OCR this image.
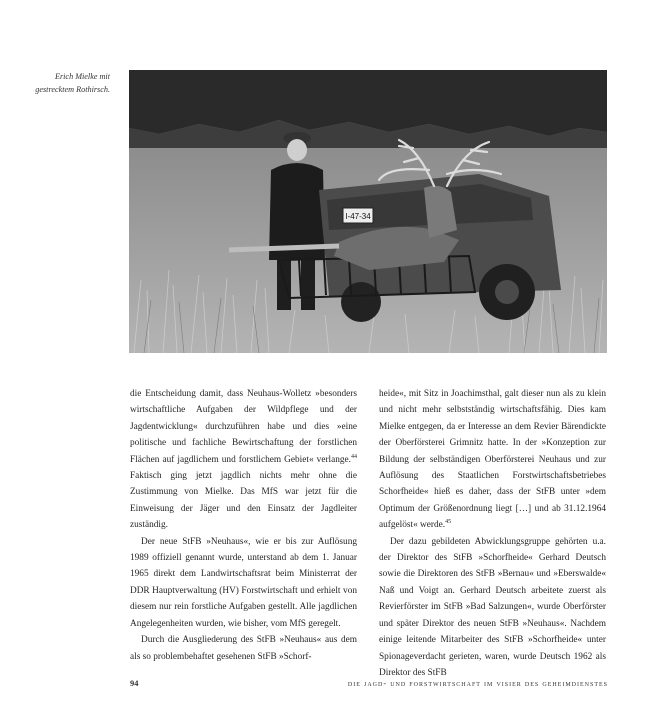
Erich Mielke mit
gestrecktem Rothirsch.
I-47-34

die Entscheidung damit, dass Neuhaus-Wolletz »besonders wirtschaftliche Aufgaben der Wildpflege und der Jagdentwicklung« durchzuführen habe und dies »eine politische und fachliche Bewirtschaftung der forstlichen Flächen auf jagdlichem und forstlichem Gebiet« verlange.$^{44}$ Faktisch ging jetzt jagdlich nichts mehr ohne die Zustimmung von Mielke. Das MfS war jetzt für die Einweisung der Jäger und den Einsatz der Jagdleiter zuständig.

Der neue StFB »Neuhaus«, wie er bis zur Auflösung 1989 offiziell genannt wurde, unterstand ab dem 1. Januar 1965 direkt dem Landwirtschaftsrat beim Ministerrat der DDR Hauptverwaltung (HV) Forstwirtschaft und erhielt von diesem nur rein forstliche Aufgaben gestellt. Alle jagdlichen Angelegenheiten wurden, wie bisher, vom MfS geregelt.

Durch die Ausgliederung des StFB »Neuhaus« aus dem als so problembehaftet gesehenen StFB »Schorf-

heide«, mit Sitz in Joachimsthal, galt dieser nun als zu klein und nicht mehr selbstständig wirtschaftsfähig. Dies kam Mielke entgegen, da er Interesse an dem Revier Bärendickte der Oberförsterei Grimnitz hatte. In der »Konzeption zur Bildung der selbständigen Oberförsterei Neuhaus und zur Auflösung des Staatlichen Forstwirtschaftsbetriebes Schorfheide« hieß es daher, dass der StFB unter »dem Optimum der Größenordnung liegt […] und ab 31.12.1964 aufgelöst« werde.$^{45}$

Der dazu gebildeten Abwicklungsgruppe gehörten u.a. der Direktor des StFB »Schorfheide« Gerhard Deutsch sowie die Direktoren des StFB »Bernau« und »Eberswalde« Naß und Voigt an. Gerhard Deutsch arbeitete zuerst als Revierförster im StFB »Bad Salzungen«, wurde Oberförster und später Direktor des neuen StFB »Neuhaus«. Nachdem einige leitende Mitarbeiter des StFB »Schorfheide« unter Spionageverdacht gerieten, waren, wurde Deutsch 1962 als Direktor des StFB

94	die jagd- und forstwirtschaft im visier des geheimdienstes
